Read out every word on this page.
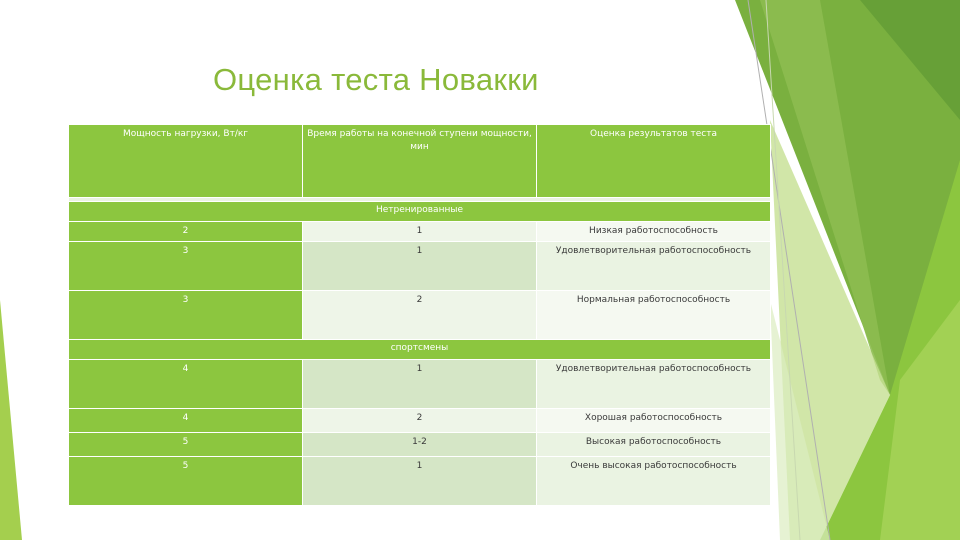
Оценка теста Новакки
Мощность нагрузки, Вт/кг	Время работы на конечной ступени мощности, мин	Оценка результатов теста

Нетренированные		
2	1	Низкая работоспособность
3	1	Удовлетворительная работоспособность
3	2	Нормальная работоспособность
спортсмены		
4	1	Удовлетворительная работоспособность
4	2	Хорошая работоспособность
5	1-2	Высокая работоспособность
5	1	Очень высокая работоспособность
